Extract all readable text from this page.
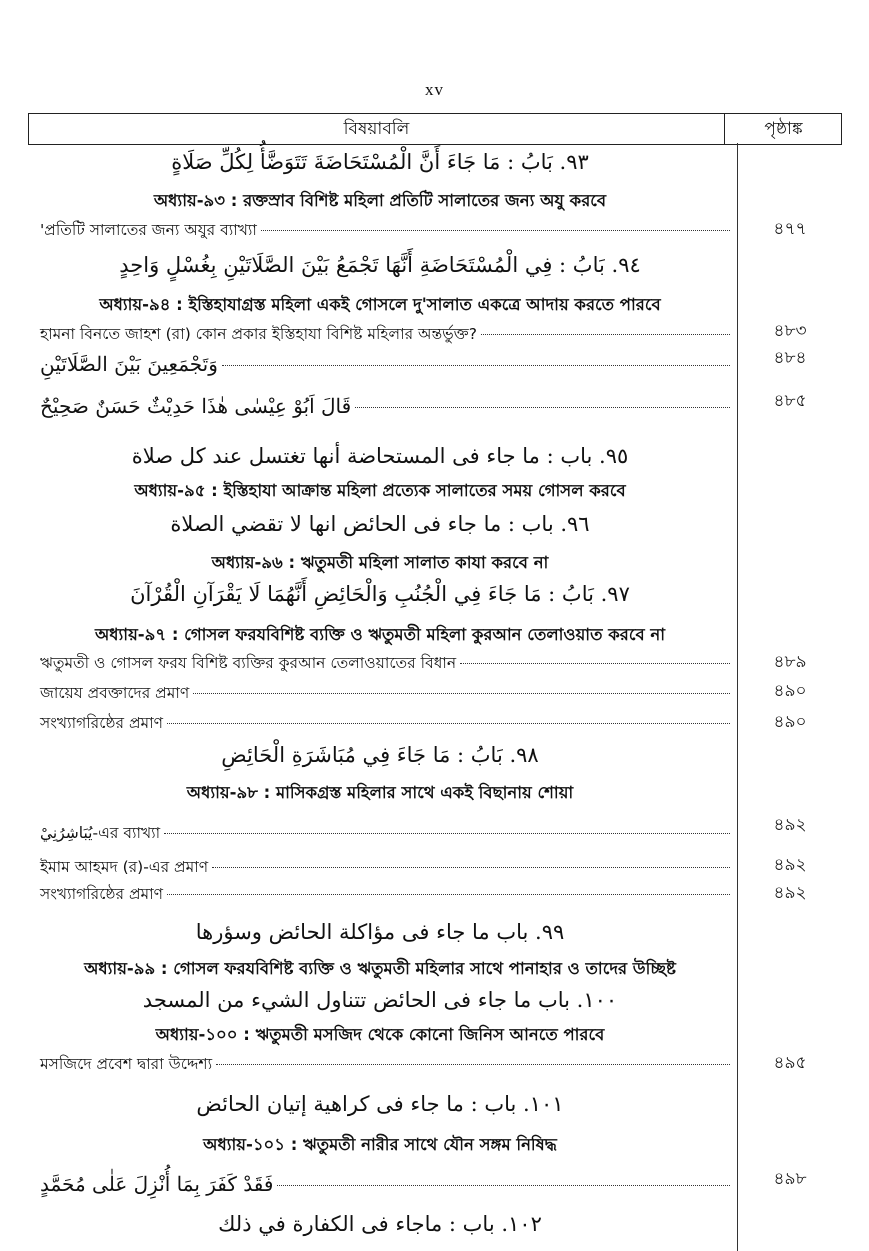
xv
বিষয়াবলি	পৃষ্ঠাঙ্ক
٩٣. بَابُ : مَا جَاءَ أَنَّ الْمُسْتَحَاضَةَ تَتَوَضَّأُ لِكُلِّ صَلَاةٍ
অধ্যায়-৯৩ : রক্তস্রাব বিশিষ্ট মহিলা প্রতিটি সালাতের জন্য অযু করবে
'প্রতিটি সালাতের জন্য অযুর ব্যাখ্যা	৪৭৭
٩٤. بَابُ : فِي الْمُسْتَحَاضَةِ أَنَّهَا تَجْمَعُ بَيْنَ الصَّلَاتَيْنِ بِغُسْلٍ وَاحِدٍ
অধ্যায়-৯৪ : ইস্তিহাযাগ্রস্ত মহিলা একই গোসলে দু'সালাত একত্রে আদায় করতে পারবে
হামনা বিনতে জাহশ (রা) কোন প্রকার ইস্তিহাযা বিশিষ্ট মহিলার অন্তর্ভুক্ত?	৪৮৩
وَتَجْمَعِينَ بَيْنَ الصَّلَاتَيْنِ	৪৮৪
قَالَ اَبُوْ عِيْسٰى هٰذَا حَدِيْثٌ حَسَنٌ صَحِيْحٌ	৪৮৫
٩٥. باب : ما جاء فى المستحاضة أنها تغتسل عند كل صلاة
অধ্যায়-৯৫ : ইস্তিহাযা আক্রান্ত মহিলা প্রত্যেক সালাতের সময় গোসল করবে
٩٦. باب : ما جاء فى الحائض انها لا تقضي الصلاة
অধ্যায়-৯৬ : ঋতুমতী মহিলা সালাত কাযা করবে না
٩٧. بَابُ : مَا جَاءَ فِي الْجُنُبِ وَالْحَائِضِ أَنَّهُمَا لَا يَقْرَآنِ الْقُرْآنَ
অধ্যায়-৯৭ : গোসল ফরযবিশিষ্ট ব্যক্তি ও ঋতুমতী মহিলা কুরআন তেলাওয়াত করবে না
ঋতুমতী ও গোসল ফরয বিশিষ্ট ব্যক্তির কুরআন তেলাওয়াতের বিধান	৪৮৯
জায়েয প্রবক্তাদের প্রমাণ	৪৯০
সংখ্যাগরিষ্ঠের প্রমাণ	৪৯০
٩٨. بَابُ : مَا جَاءَ فِي مُبَاشَرَةِ الْحَائِضِ
অধ্যায়-৯৮ : মাসিকগ্রস্ত মহিলার সাথে একই বিছানায় শোয়া
يُبَاشِرُنِيْ-এর ব্যাখ্যা	৪৯২
ইমাম আহমদ (র)-এর প্রমাণ	৪৯২
সংখ্যাগরিষ্ঠের প্রমাণ	৪৯২
٩٩. باب ما جاء فى مؤاكلة الحائض وسؤرها
অধ্যায়-৯৯ : গোসল ফরযবিশিষ্ট ব্যক্তি ও ঋতুমতী মহিলার সাথে পানাহার ও তাদের উচ্ছিষ্ট
١٠٠. باب ما جاء فى الحائض تتناول الشيء من المسجد
অধ্যায়-১০০ : ঋতুমতী মসজিদ থেকে কোনো জিনিস আনতে পারবে
মসজিদে প্রবেশ দ্বারা উদ্দেশ্য	৪৯৫
١٠١. باب : ما جاء فى كراهية إتيان الحائض
অধ্যায়-১০১ : ঋতুমতী নারীর সাথে যৌন সঙ্গম নিষিদ্ধ
فَقَدْ كَفَرَ بِمَا أُنْزِلَ عَلٰى مُحَمَّدٍ	৪৯৮
١٠٢. باب : ماجاء فى الكفارة في ذلك
